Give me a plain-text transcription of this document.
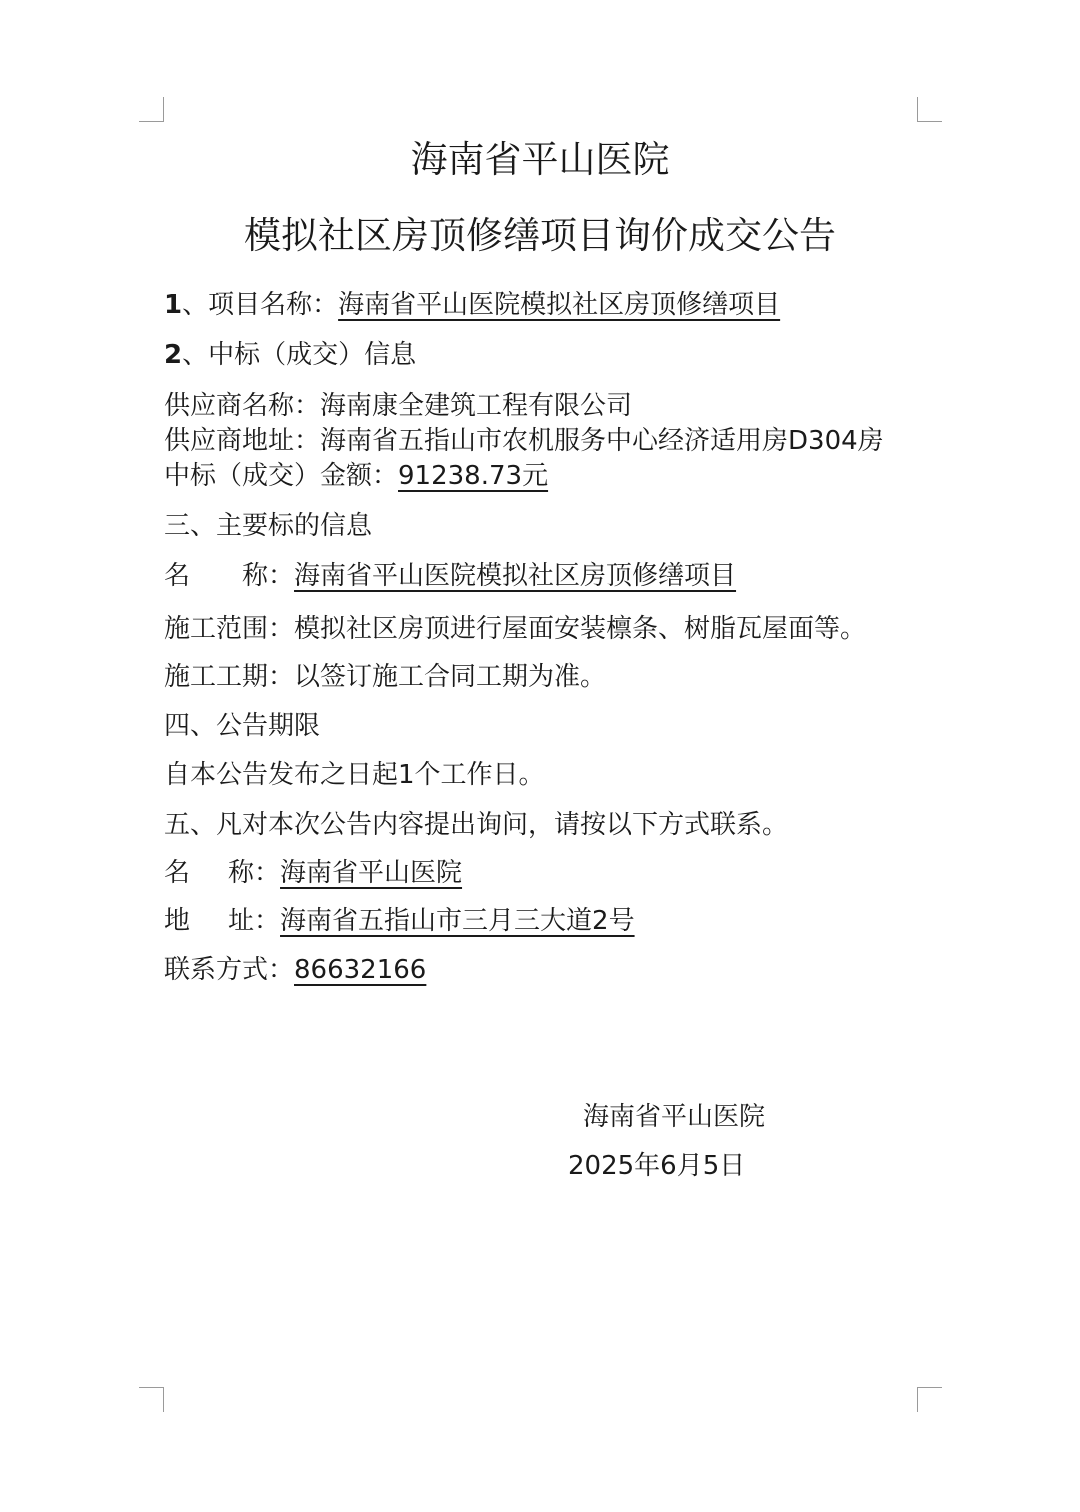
海南省平山医院
模拟社区房顶修缮项目询价成交公告
1、项目名称：海南省平山医院模拟社区房顶修缮项目
2、中标（成交）信息
供应商名称：海南康全建筑工程有限公司
供应商地址：海南省五指山市农机服务中心经济适用房D304房
中标（成交）金额：91238.73元
三、主要标的信息
名 称：海南省平山医院模拟社区房顶修缮项目
施工范围：模拟社区房顶进行屋面安装檩条、树脂瓦屋面等。
施工工期：以签订施工合同工期为准。
四、公告期限
自本公告发布之日起1个工作日。
五、凡对本次公告内容提出询问，请按以下方式联系。
名 称：海南省平山医院
地 址：海南省五指山市三月三大道2号
联系方式：86632166
海南省平山医院
2025年6月5日
